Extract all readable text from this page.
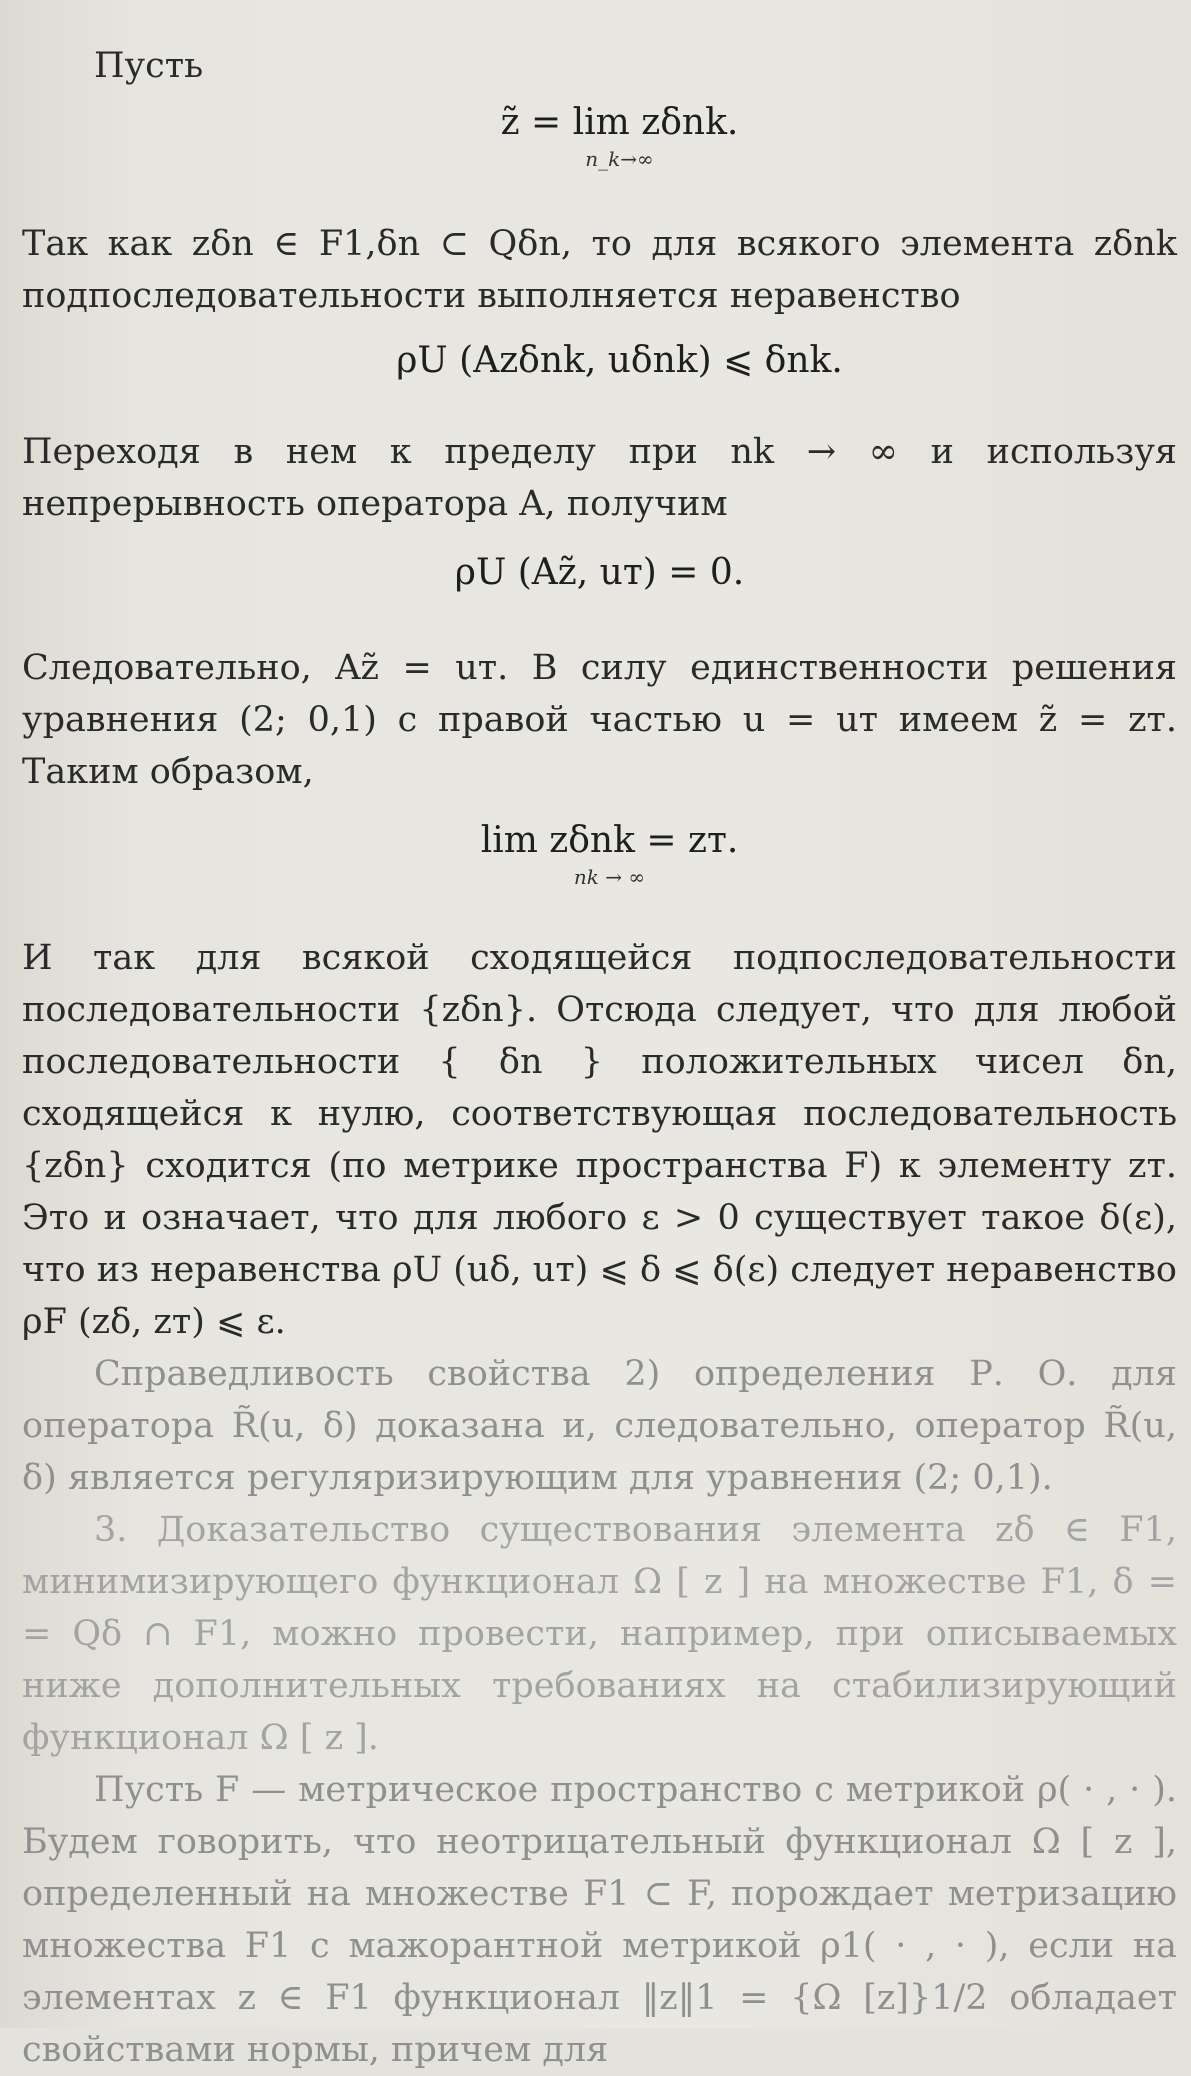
Пусть

z̃ = lim zδnk.
n_k→∞

Так как zδn ∈ F1,δn ⊂ Qδn, то для всякого элемента zδnk подпоследовательности выполняется неравенство

ρU (Azδnk, uδnk) ⩽ δnk.

Переходя в нем к пределу при nk → ∞ и используя непрерывность оператора A, получим

ρU (Az̃, uт) = 0.

Следовательно, Az̃ = uт. В силу единственности решения уравнения (2; 0,1) с правой частью u = uт имеем z̃ = zт. Таким образом,

lim zδnk = zт.
nk → ∞

И так для всякой сходящейся подпоследовательности последовательности {zδn}. Отсюда следует, что для любой последовательности { δn } положительных чисел δn, сходящейся к нулю, соответствующая последовательность {zδn} сходится (по метрике пространства F) к элементу zт. Это и означает, что для любого ε > 0 существует такое δ(ε), что из неравенства ρU (uδ, uт) ⩽ δ ⩽ δ(ε) следует неравенство ρF (zδ, zт) ⩽ ε.

Справедливость свойства 2) определения Р. О. для оператора R̃(u, δ) доказана и, следовательно, оператор R̃(u, δ) является регуляризирующим для уравнения (2; 0,1).

3. Доказательство существования элемента zδ ∈ F1, минимизирующего функционал Ω [ z ] на множестве F1, δ = = Qδ ∩ F1, можно провести, например, при описываемых ниже дополнительных требованиях на стабилизирующий функционал Ω [ z ].

Пусть F — метрическое пространство с метрикой ρ( · , · ). Будем говорить, что неотрицательный функционал Ω [ z ], определенный на множестве F1 ⊂ F, порождает метризацию множества F1 с мажорантной метрикой ρ1( · , · ), если на элементах z ∈ F1 функционал ‖z‖1 = {Ω [z]}1/2 обладает свойствами нормы, причем для
